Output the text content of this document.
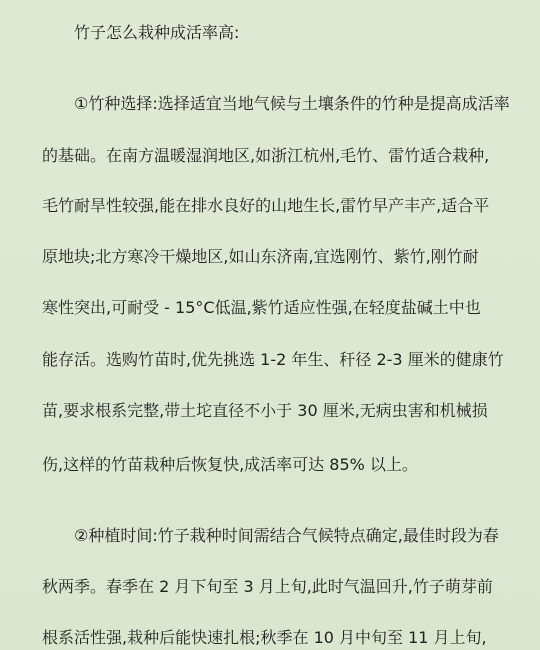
竹子怎么栽种成活率高:
①竹种选择:选择适宜当地气候与土壤条件的竹种是提高成活率
的基础。在南方温暖湿润地区,如浙江杭州,毛竹、雷竹适合栽种,
毛竹耐旱性较强,能在排水良好的山地生长,雷竹早产丰产,适合平
原地块;北方寒冷干燥地区,如山东济南,宜选刚竹、紫竹,刚竹耐
寒性突出,可耐受 - 15°C低温,紫竹适应性强,在轻度盐碱土中也
能存活。选购竹苗时,优先挑选 1-2 年生、秆径 2-3 厘米的健康竹
苗,要求根系完整,带土坨直径不小于 30 厘米,无病虫害和机械损
伤,这样的竹苗栽种后恢复快,成活率可达 85% 以上。
②种植时间:竹子栽种时间需结合气候特点确定,最佳时段为春
秋两季。春季在 2 月下旬至 3 月上旬,此时气温回升,竹子萌芽前
根系活性强,栽种后能快速扎根;秋季在 10 月中旬至 11 月上旬,
